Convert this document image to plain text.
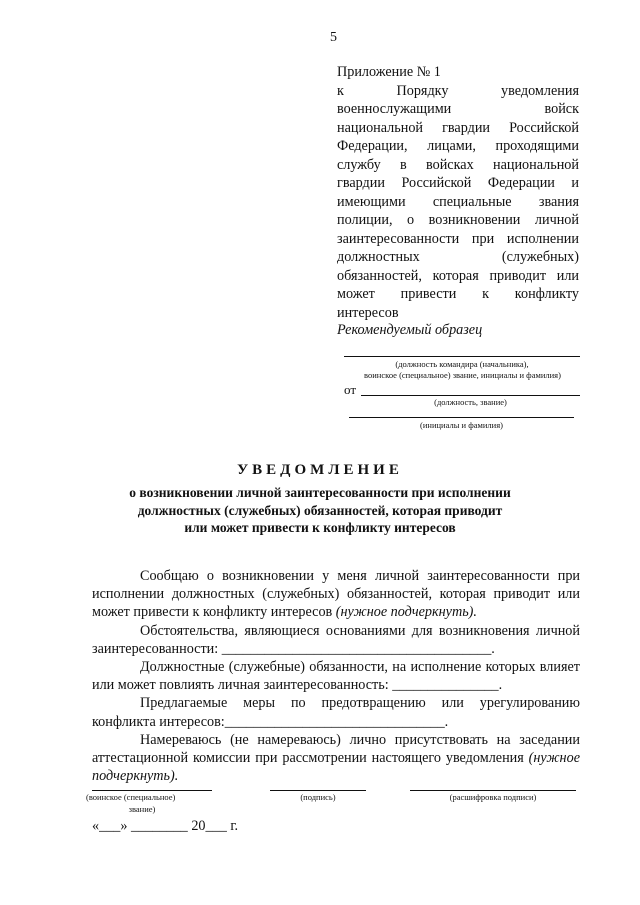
5
Приложение № 1
к Порядку уведомления
военнослужащими войск
национальной гвардии Российской
Федерации, лицами, проходящими
службу в войсках национальной
гвардии Российской Федерации и
имеющими специальные звания
полиции, о возникновении личной
заинтересованности при исполнении
должностных (служебных)
обязанностей, которая приводит или
может привести к конфликту
интересов
Рекомендуемый образец
(должность командира (начальника),
воинское (специальное) звание, инициалы и фамилия)
от
(должность, звание)
(инициалы и фамилия)
УВЕДОМЛЕНИЕ
о возникновении личной заинтересованности при исполнении
должностных (служебных) обязанностей, которая приводит
или может привести к конфликту интересов

Сообщаю о возникновении у меня личной заинтересованности при исполнении должностных (служебных) обязанностей, которая приводит или может привести к конфликту интересов (нужное подчеркнуть).

Обстоятельства, являющиеся основаниями для возникновения личной заинтересованности: ______________________________________.

Должностные (служебные) обязанности, на исполнение которых влияет или может повлиять личная заинтересованность: _______________.

Предлагаемые меры по предотвращению или урегулированию конфликта интересов:_______________________________.

Намереваюсь (не намереваюсь) лично присутствовать на заседании аттестационной комиссии при рассмотрении настоящего уведомления (нужное подчеркнуть).

(воинское (специальное)
звание)
(подпись)	(расшифровка подписи)
«___» ________ 20___ г.
